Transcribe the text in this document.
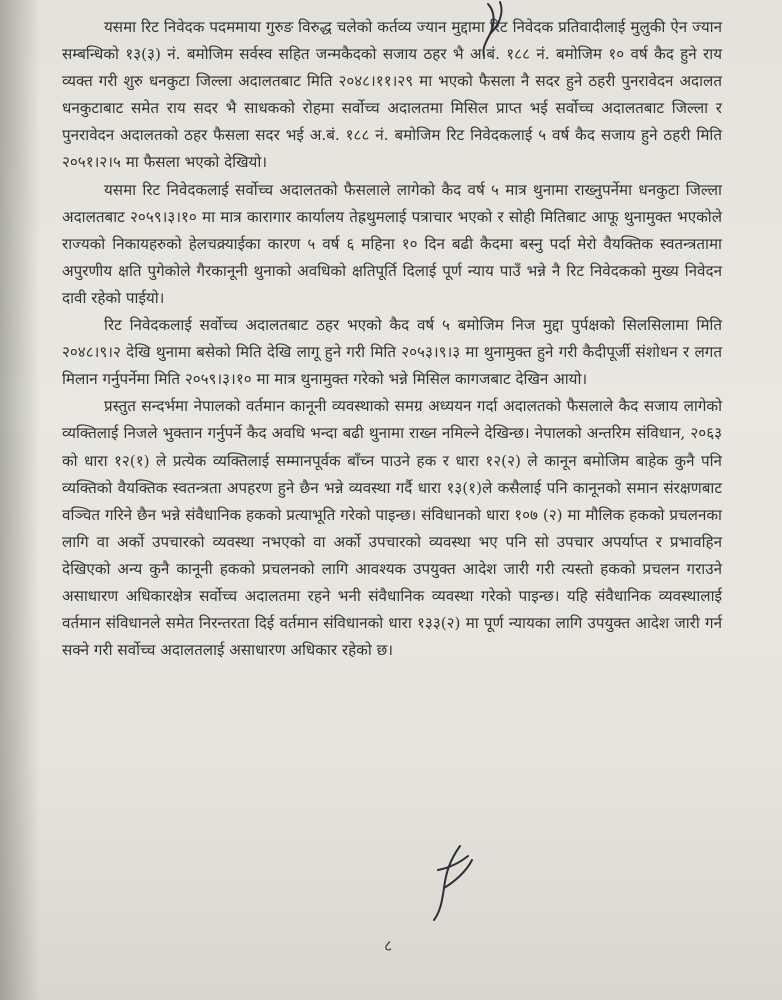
यसमा रिट निवेदक पदममाया गुरुङ विरुद्ध चलेको कर्तव्य ज्यान मुद्दामा रिट निवेदक प्रतिवादीलाई मुलुकी ऐन ज्यान सम्बन्धिको १३(३) नं. बमोजिम सर्वस्व सहित जन्मकैदको सजाय ठहर भै अ.बं. १८८ नं. बमोजिम १० वर्ष कैद हुने राय व्यक्त गरी शुरु धनकुटा जिल्ला अदालतबाट मिति २०४८।११।२९ मा भएको फैसला नै सदर हुने ठहरी पुनरावेदन अदालत धनकुटाबाट समेत राय सदर भै साधकको रोहमा सर्वोच्च अदालतमा मिसिल प्राप्त भई सर्वोच्च अदालतबाट जिल्ला र पुनरावेदन अदालतको ठहर फैसला सदर भई अ.बं. १८८ नं. बमोजिम रिट निवेदकलाई ५ वर्ष कैद सजाय हुने ठहरी मिति २०५१।२।५ मा फैसला भएको देखियो।

यसमा रिट निवेदकलाई सर्वोच्च अदालतको फैसलाले लागेको कैद वर्ष ५ मात्र थुनामा राख्नुपर्नेमा धनकुटा जिल्ला अदालतबाट २०५९।३।१० मा मात्र कारागार कार्यालय तेह्रथुमलाई पत्राचार भएको र सोही मितिबाट आफू थुनामुक्त भएकोले राज्यको निकायहरुको हेलचक्र्याईका कारण ५ वर्ष ६ महिना १० दिन बढी कैदमा बस्नु पर्दा मेरो वैयक्तिक स्वतन्त्रतामा अपुरणीय क्षति पुगेकोले गैरकानूनी थुनाको अवधिको क्षतिपूर्ति दिलाई पूर्ण न्याय पाउँ भन्ने नै रिट निवेदकको मुख्य निवेदन दावी रहेको पाईयो।

रिट निवेदकलाई सर्वोच्च अदालतबाट ठहर भएको कैद वर्ष ५ बमोजिम निज मुद्दा पुर्पक्षको सिलसिलामा मिति २०४८।९।२ देखि थुनामा बसेको मिति देखि लागू हुने गरी मिति २०५३।९।३ मा थुनामुक्त हुने गरी कैदीपूर्जी संशोधन र लगत मिलान गर्नुपर्नेमा मिति २०५९।३।१० मा मात्र थुनामुक्त गरेको भन्ने मिसिल कागजबाट देखिन आयो।

प्रस्तुत सन्दर्भमा नेपालको वर्तमान कानूनी व्यवस्थाको समग्र अध्ययन गर्दा अदालतको फैसलाले कैद सजाय लागेको व्यक्तिलाई निजले भुक्तान गर्नुपर्ने कैद अवधि भन्दा बढी थुनामा राख्न नमिल्ने देखिन्छ। नेपालको अन्तरिम संविधान, २०६३ को धारा १२(१) ले प्रत्येक व्यक्तिलाई सम्मानपूर्वक बाँच्न पाउने हक र धारा १२(२) ले कानून बमोजिम बाहेक कुनै पनि व्यक्तिको वैयक्तिक स्वतन्त्रता अपहरण हुने छैन भन्ने व्यवस्था गर्दै धारा १३(१)ले कसैलाई पनि कानूनको समान संरक्षणबाट वञ्चित गरिने छैन भन्ने संवैधानिक हकको प्रत्याभूति गरेको पाइन्छ। संविधानको धारा १०७ (२) मा मौलिक हकको प्रचलनका लागि वा अर्को उपचारको व्यवस्था नभएको वा अर्को उपचारको व्यवस्था भए पनि सो उपचार अपर्याप्त र प्रभावहिन देखिएको अन्य कुनै कानूनी हकको प्रचलनको लागि आवश्यक उपयुक्त आदेश जारी गरी त्यस्तो हकको प्रचलन गराउने असाधारण अधिकारक्षेत्र सर्वोच्च अदालतमा रहने भनी संवैधानिक व्यवस्था गरेको पाइन्छ। यहि संवैधानिक व्यवस्थालाई वर्तमान संविधानले समेत निरन्तरता दिई वर्तमान संविधानको धारा १३३(२) मा पूर्ण न्यायका लागि उपयुक्त आदेश जारी गर्न सक्ने गरी सर्वोच्च अदालतलाई असाधारण अधिकार रहेको छ।

८
